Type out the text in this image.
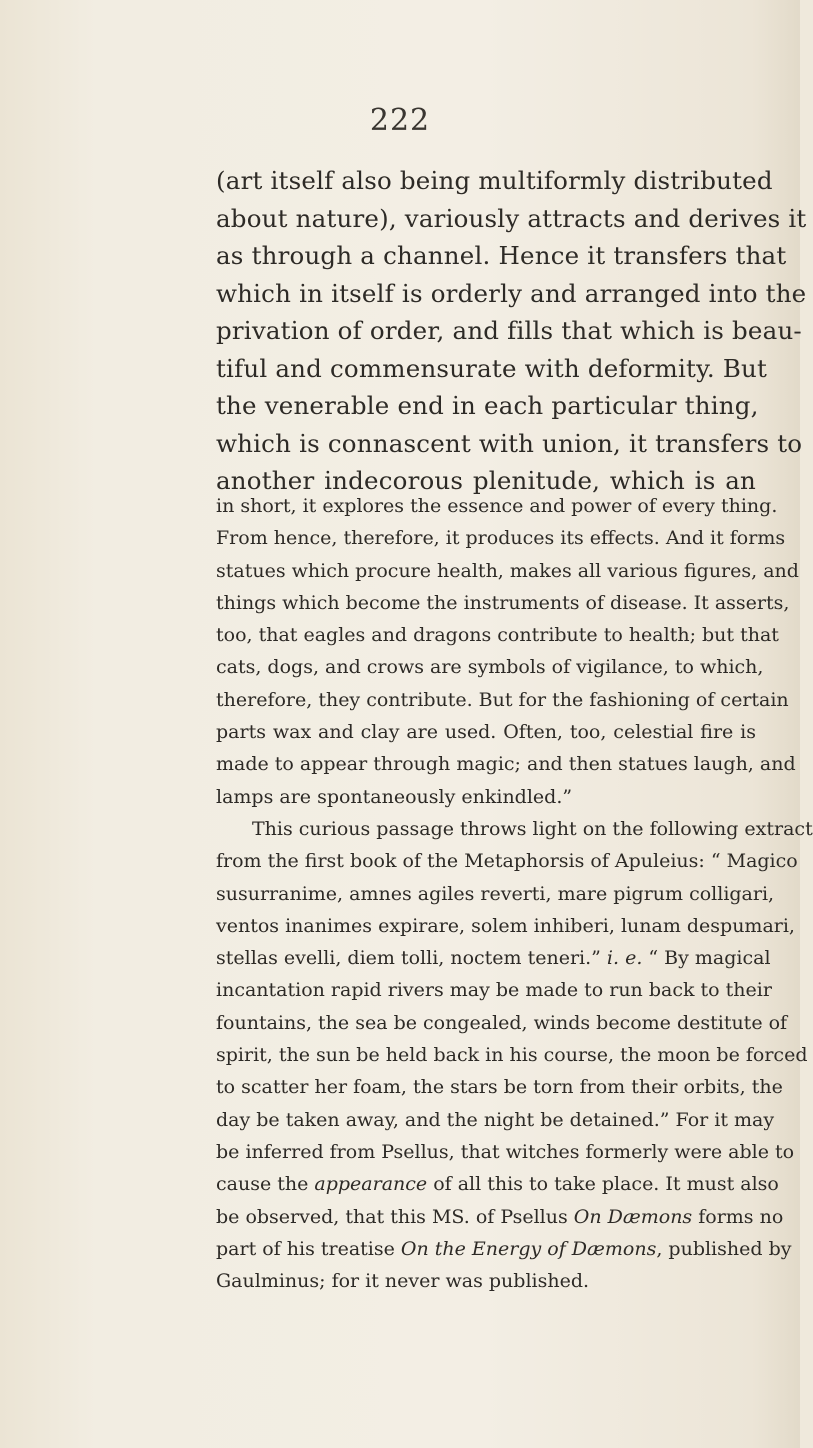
222
(art itself also being multiformly distributed
about nature), variously attracts and derives it
as through a channel. Hence it transfers that
which in itself is orderly and arranged into the
privation of order, and fills that which is beau-
tiful and commensurate with deformity. But
the venerable end in each particular thing,
which is connascent with union, it transfers to
another indecorous plenitude, which is an
in short, it explores the essence and power of every thing.
From hence, therefore, it produces its effects. And it forms
statues which procure health, makes all various figures, and
things which become the instruments of disease. It asserts,
too, that eagles and dragons contribute to health; but that
cats, dogs, and crows are symbols of vigilance, to which,
therefore, they contribute. But for the fashioning of certain
parts wax and clay are used. Often, too, celestial fire is
made to appear through magic; and then statues laugh, and
lamps are spontaneously enkindled.”
This curious passage throws light on the following extract
from the first book of the Metaphorsis of Apuleius: “ Magico
susurranime, amnes agiles reverti, mare pigrum colligari,
ventos inanimes expirare, solem inhiberi, lunam despumari,
stellas evelli, diem tolli, noctem teneri.” i. e. “ By magical
incantation rapid rivers may be made to run back to their
fountains, the sea be congealed, winds become destitute of
spirit, the sun be held back in his course, the moon be forced
to scatter her foam, the stars be torn from their orbits, the
day be taken away, and the night be detained.” For it may
be inferred from Psellus, that witches formerly were able to
cause the appearance of all this to take place. It must also
be observed, that this MS. of Psellus On Dæmons forms no
part of his treatise On the Energy of Dæmons, published by
Gaulminus; for it never was published.
